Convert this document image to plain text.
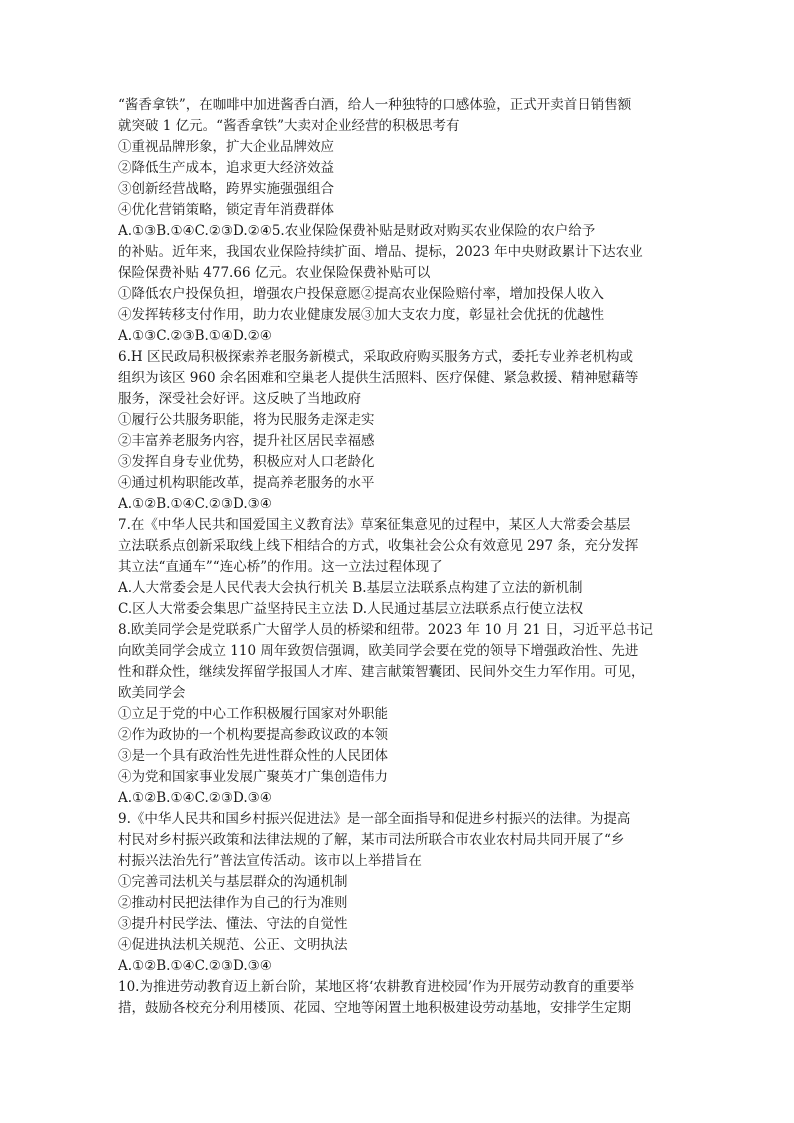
“酱香拿铁”，在咖啡中加进酱香白酒，给人一种独特的口感体验，正式开卖首日销售额
就突破 1 亿元。“酱香拿铁”大卖对企业经营的积极思考有
①重视品牌形象，扩大企业品牌效应
②降低生产成本，追求更大经济效益
③创新经营战略，跨界实施强强组合
④优化营销策略，锁定青年消费群体
A.①③B.①④C.②③D.②④5.农业保险保费补贴是财政对购买农业保险的农户给予
的补贴。近年来，我国农业保险持续扩面、增品、提标，2023 年中央财政累计下达农业
保险保费补贴 477.66 亿元。农业保险保费补贴可以
①降低农户投保负担，增强农户投保意愿②提高农业保险赔付率，增加投保人收入
④发挥转移支付作用，助力农业健康发展③加大支农力度，彰显社会优抚的优越性
A.①③C.②③B.①④D.②④
6.H 区民政局积极探索养老服务新模式，采取政府购买服务方式，委托专业养老机构或
组织为该区 960 余名困难和空巢老人提供生活照料、医疗保健、紧急救援、精神慰藉等
服务，深受社会好评。这反映了当地政府
①履行公共服务职能，将为民服务走深走实
②丰富养老服务内容，提升社区居民幸福感
③发挥自身专业优势，积极应对人口老龄化
④通过机构职能改革，提高养老服务的水平
A.①②B.①④C.②③D.③④
7.在《中华人民共和国爱国主义教育法》草案征集意见的过程中，某区人大常委会基层
立法联系点创新采取线上线下相结合的方式，收集社会公众有效意见 297 条，充分发挥
其立法“直通车”“连心桥”的作用。这一立法过程体现了
A.人大常委会是人民代表大会执行机关 B.基层立法联系点构建了立法的新机制
C.区人大常委会集思广益坚持民主立法 D.人民通过基层立法联系点行使立法权
8.欧美同学会是党联系广大留学人员的桥梁和纽带。2023 年 10 月 21 日，习近平总书记
向欧美同学会成立 110 周年致贺信强调，欧美同学会要在党的领导下增强政治性、先进
性和群众性，继续发挥留学报国人才库、建言献策智囊团、民间外交生力军作用。可见，
欧美同学会
①立足于党的中心工作积极履行国家对外职能
②作为政协的一个机构要提高参政议政的本领
③是一个具有政治性先进性群众性的人民团体
④为党和国家事业发展广聚英才广集创造伟力
A.①②B.①④C.②③D.③④
9.《中华人民共和国乡村振兴促进法》是一部全面指导和促进乡村振兴的法律。为提高
村民对乡村振兴政策和法律法规的了解，某市司法所联合市农业农村局共同开展了“乡
村振兴法治先行”普法宣传活动。该市以上举措旨在
①完善司法机关与基层群众的沟通机制
②推动村民把法律作为自己的行为准则
③提升村民学法、懂法、守法的自觉性
④促进执法机关规范、公正、文明执法
A.①②B.①④C.②③D.③④
10.为推进劳动教育迈上新台阶，某地区将‘农耕教育进校园’作为开展劳动教育的重要举
措，鼓励各校充分利用楼顶、花园、空地等闲置土地积极建设劳动基地，安排学生定期
